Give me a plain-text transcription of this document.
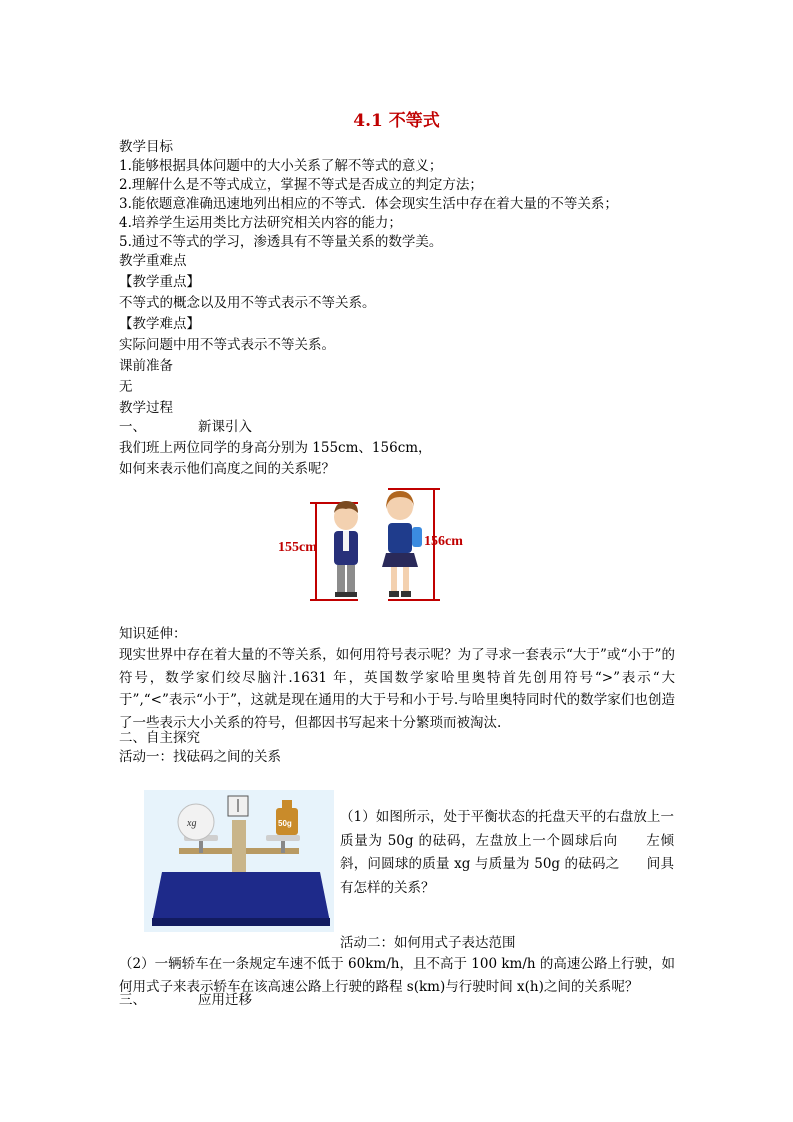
4.1 不等式
教学目标
1.能够根据具体问题中的大小关系了解不等式的意义；
2.理解什么是不等式成立，掌握不等式是否成立的判定方法；
3.能依题意准确迅速地列出相应的不等式．体会现实生活中存在着大量的不等关系；
4.培养学生运用类比方法研究相关内容的能力；
5.通过不等式的学习，渗透具有不等量关系的数学美。
教学重难点
【教学重点】
不等式的概念以及用不等式表示不等关系。
【教学难点】
实际问题中用不等式表示不等关系。
课前准备
无
教学过程
一、	新课引入
我们班上两位同学的身高分别为 155cm、156cm，
如何来表示他们高度之间的关系呢？
155cm	156cm
知识延伸：
现实世界中存在着大量的不等关系，如何用符号表示呢？为了寻求一套表示“大于”或“小于”的符号，数学家们绞尽脑汁.1631 年，英国数学家哈里奥特首先创用符号“>”表示“大于”,“<”表示“小于”，这就是现在通用的大于号和小于号.与哈里奥特同时代的数学家们也创造了一些表示大小关系的符号，但都因书写起来十分繁琐而被淘汰.
二、自主探究
活动一：找砝码之间的关系
xg	50g	（1）如图所示，处于平衡状态的托盘天平的右盘放上一质量为 50g 的砝码，左盘放上一个圆球后向　　左倾斜，问圆球的质量 xg 与质量为 50g 的砝码之　　间具有怎样的关系？
活动二：如何用式子表达范围
（2）一辆轿车在一条规定车速不低于 60km/h，且不高于 100 km/h 的高速公路上行驶，如何用式子来表示轿车在该高速公路上行驶的路程 s(km)与行驶时间 x(h)之间的关系呢？
三、	应用迁移
